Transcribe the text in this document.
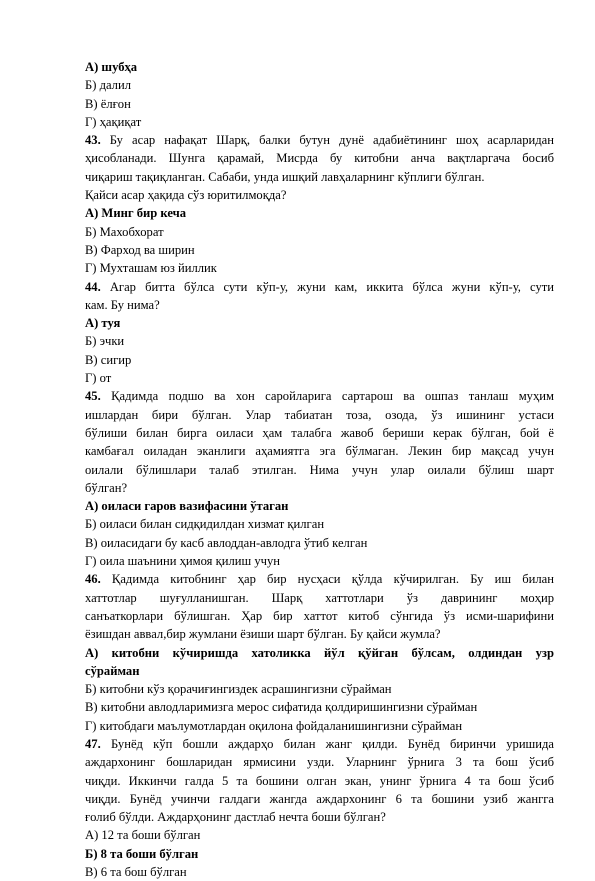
А) шубҳа
Б) далил
В) ёлғон
Г) ҳақиқат
43. Бу асар нафақат Шарқ, балки бутун дунё адабиётининг шоҳ асарларидан
ҳисобланади. Шунга қарамай, Мисрда бу китобни анча вақтларгача босиб
чиқариш тақиқланган. Сабаби, унда ишқий лавҳаларнинг кўплиги бўлган.
Қайси асар ҳақида сўз юритилмоқда?
А) Минг бир кеча
Б) Махобхорат
В) Фарход ва ширин
Г) Мухташам юз йиллик
44. Агар битта бўлса сути кўп-у, жуни кам, иккита бўлса жуни кўп-у, сути
кам. Бу нима?
А) туя
Б) эчки
В) сигир
Г) от
45. Қадимда подшо ва хон саройларига сартарош ва ошпаз танлаш муҳим
ишлардан бири бўлган. Улар табиатан тоза, озода, ўз ишининг устаси
бўлиши билан бирга оиласи ҳам талабга жавоб бериши керак бўлган, бой ё
камбағал оиладан эканлиги аҳамиятга эга бўлмаган. Лекин бир мақсад учун
оилали бўлишлари талаб этилган. Нима учун улар оилали бўлиш шарт
бўлган?
А) оиласи гаров вазифасини ўтаган
Б) оиласи билан сидқидилдан хизмат қилган
В) оиласидаги бу касб авлоддан-авлодга ўтиб келган
Г) оила шаънини ҳимоя қилиш учун
46. Қадимда китобнинг ҳар бир нусҳаси қўлда кўчирилган. Бу иш билан
хаттотлар шуғулланишган. Шарқ хаттотлари ўз даврининг моҳир
санъаткорлари бўлишган. Ҳар бир хаттот китоб сўнгида ўз исми-шарифини
ёзишдан аввал,бир жумлани ёзиши шарт бўлган. Бу қайси жумла?
А) китобни кўчиришда хатоликка йўл қўйган бўлсам, олдиндан узр
сўрайман
Б) китобни кўз қорачиғингиздек асрашингизни сўрайман
В) китобни авлодларимизга мерос сифатида қолдиришингизни сўрайман
Г) китобдаги маълумотлардан оқилона фойдаланишингизни сўрайман
47. Бунёд кўп бошли аждарҳо билан жанг қилди. Бунёд биринчи уришида
аждархонинг бошларидан ярмисини узди. Уларнинг ўрнига 3 та бош ўсиб
чиқди. Иккинчи галда 5 та бошини олган экан, унинг ўрнига 4 та бош ўсиб
чиқди. Бунёд учинчи галдаги жангда аждархонинг 6 та бошини узиб жангга
ғолиб бўлди. Аждарҳонинг дастлаб нечта боши бўлган?
А) 12 та боши бўлган
Б) 8 та боши бўлган
В) 6 та бош бўлган
